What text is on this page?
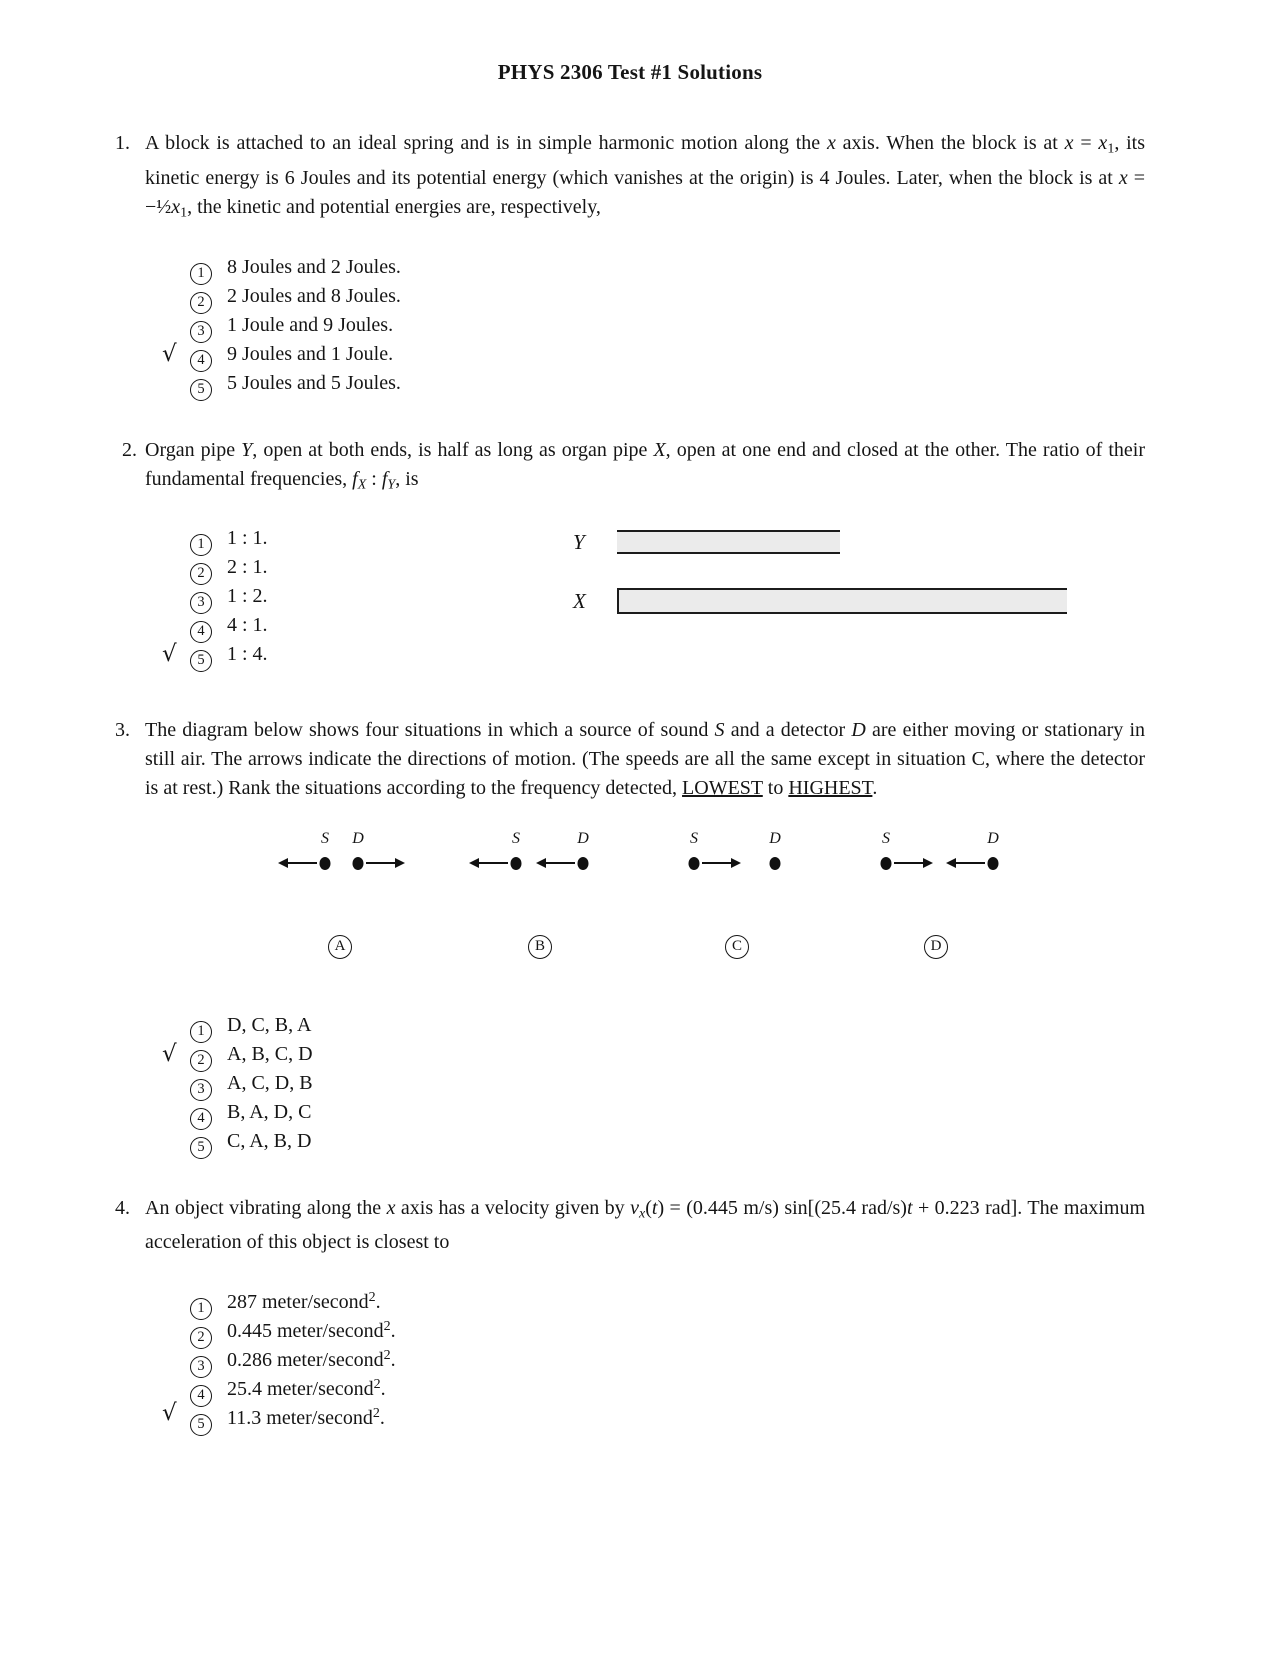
PHYS 2306 Test #1 Solutions
1. A block is attached to an ideal spring and is in simple harmonic motion along the x axis. When the block is at x = x1, its kinetic energy is 6 Joules and its potential energy (which vanishes at the origin) is 4 Joules. Later, when the block is at x = −½x1, the kinetic and potential energies are, respectively,
1 8 Joules and 2 Joules.
2 2 Joules and 8 Joules.
3 1 Joule and 9 Joules.
√	4 9 Joules and 1 Joule.
5 5 Joules and 5 Joules.
2. Organ pipe Y, open at both ends, is half as long as organ pipe X, open at one end and closed at the other. The ratio of their fundamental frequencies, fX : fY, is
1 1 : 1.
2 2 : 1.
3 1 : 2.
4 4 : 1.
√	5 1 : 4.
Y
X
3. The diagram below shows four situations in which a source of sound S and a detector D are either moving or stationary in still air. The arrows indicate the directions of motion. (The speeds are all the same except in situation C, where the detector is at rest.) Rank the situations according to the frequency detected, LOWEST to HIGHEST.
S D	S	D	S	D	S	D
A	B	C	D
1 D, C, B, A
√	2 A, B, C, D
3 A, C, D, B
4 B, A, D, C
5 C, A, B, D
4. An object vibrating along the x axis has a velocity given by vx(t) = (0.445 m/s) sin[(25.4 rad/s)t + 0.223 rad]. The maximum acceleration of this object is closest to
1 287 meter/second$^2$.
2 0.445 meter/second$^2$.
3 0.286 meter/second$^2$.
4 25.4 meter/second$^2$.
√	5 11.3 meter/second$^2$.
